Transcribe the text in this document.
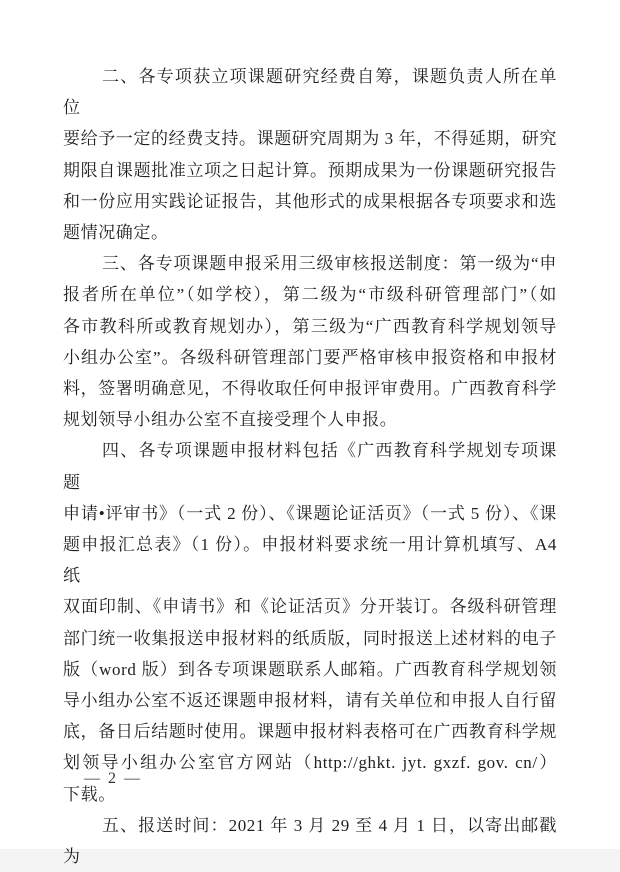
二、各专项获立项课题研究经费自筹，课题负责人所在单位
要给予一定的经费支持。课题研究周期为 3 年，不得延期，研究
期限自课题批准立项之日起计算。预期成果为一份课题研究报告
和一份应用实践论证报告，其他形式的成果根据各专项要求和选
题情况确定。
三、各专项课题申报采用三级审核报送制度：第一级为“申
报者所在单位”（如学校），第二级为“市级科研管理部门”（如
各市教科所或教育规划办），第三级为“广西教育科学规划领导
小组办公室”。各级科研管理部门要严格审核申报资格和申报材
料，签署明确意见，不得收取任何申报评审费用。广西教育科学
规划领导小组办公室不直接受理个人申报。
四、各专项课题申报材料包括《广西教育科学规划专项课题
申请•评审书》（一式 2 份）、《课题论证活页》（一式 5 份）、《课
题申报汇总表》（1 份）。申报材料要求统一用计算机填写、A4 纸
双面印制、《申请书》和《论证活页》分开装订。各级科研管理
部门统一收集报送申报材料的纸质版，同时报送上述材料的电子
版（word 版）到各专项课题联系人邮箱。广西教育科学规划领
导小组办公室不返还课题申报材料，请有关单位和申报人自行留
底，备日后结题时使用。课题申报材料表格可在广西教育科学规
划领导小组办公室官方网站（http://ghkt. jyt. gxzf. gov. cn/）
下载。
五、报送时间：2021 年 3 月 29 至 4 月 1 日，以寄出邮戳为
— 2 —
